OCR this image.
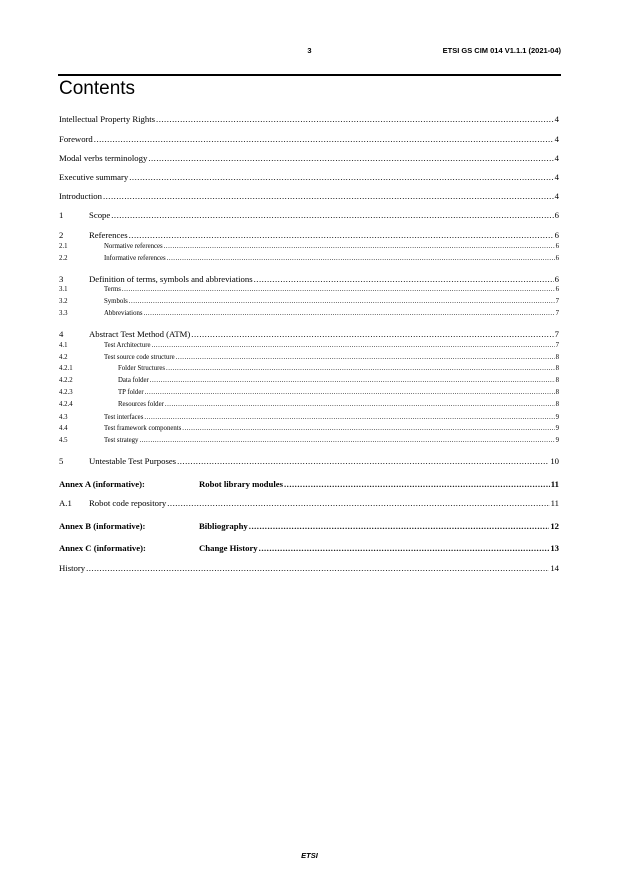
3	ETSI GS CIM 014 V1.1.1 (2021-04)
Contents
Intellectual Property Rights .....	4
Foreword .....	4
Modal verbs terminology .....	4
Executive summary .....	4
Introduction .....	4
1	Scope .....	6
2	References .....	6
2.1	Normative references .....	6
2.2	Informative references .....	6
3	Definition of terms, symbols and abbreviations .....	6
3.1	Terms .....	6
3.2	Symbols .....	7
3.3	Abbreviations .....	7
4	Abstract Test Method (ATM) .....	7
4.1	Test Architecture .....	7
4.2	Test source code structure .....	8
4.2.1	Folder Structures .....	8
4.2.2	Data folder .....	8
4.2.3	TP folder .....	8
4.2.4	Resources folder .....	8
4.3	Test interfaces .....	9
4.4	Test framework components .....	9
4.5	Test strategy .....	9
5	Untestable Test Purposes .....	10
Annex A (informative):	Robot library modules .....	11
A.1	Robot code repository .....	11
Annex B (informative):	Bibliography .....	12
Annex C (informative):	Change History .....	13
History .....	14
ETSI
